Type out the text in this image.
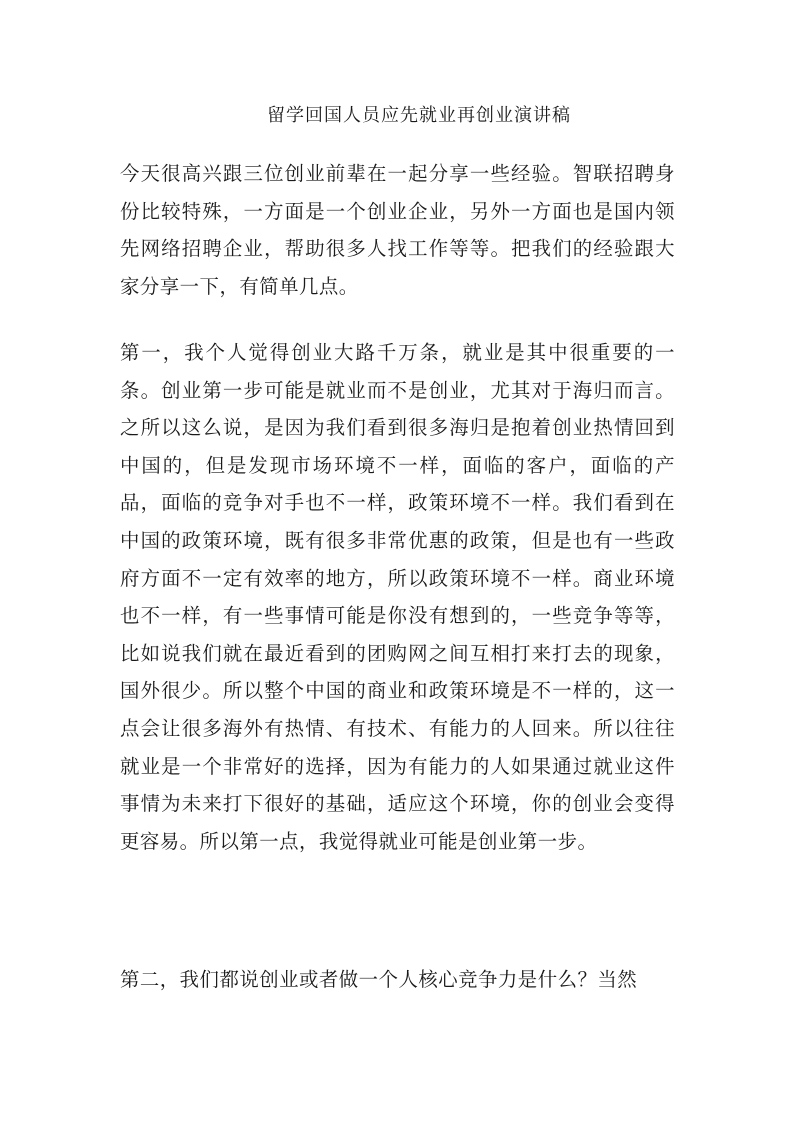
留学回国人员应先就业再创业演讲稿

今天很高兴跟三位创业前辈在一起分享一些经验。智联招聘身份比较特殊，一方面是一个创业企业，另外一方面也是国内领先网络招聘企业，帮助很多人找工作等等。把我们的经验跟大家分享一下，有简单几点。

第一，我个人觉得创业大路千万条，就业是其中很重要的一条。创业第一步可能是就业而不是创业，尤其对于海归而言。之所以这么说，是因为我们看到很多海归是抱着创业热情回到中国的，但是发现市场环境不一样，面临的客户，面临的产品，面临的竞争对手也不一样，政策环境不一样。我们看到在中国的政策环境，既有很多非常优惠的政策，但是也有一些政府方面不一定有效率的地方，所以政策环境不一样。商业环境也不一样，有一些事情可能是你没有想到的，一些竞争等等，比如说我们就在最近看到的团购网之间互相打来打去的现象，国外很少。所以整个中国的商业和政策环境是不一样的，这一点会让很多海外有热情、有技术、有能力的人回来。所以往往就业是一个非常好的选择，因为有能力的人如果通过就业这件事情为未来打下很好的基础，适应这个环境，你的创业会变得更容易。所以第一点，我觉得就业可能是创业第一步。

第二，我们都说创业或者做一个人核心竞争力是什么？当然
